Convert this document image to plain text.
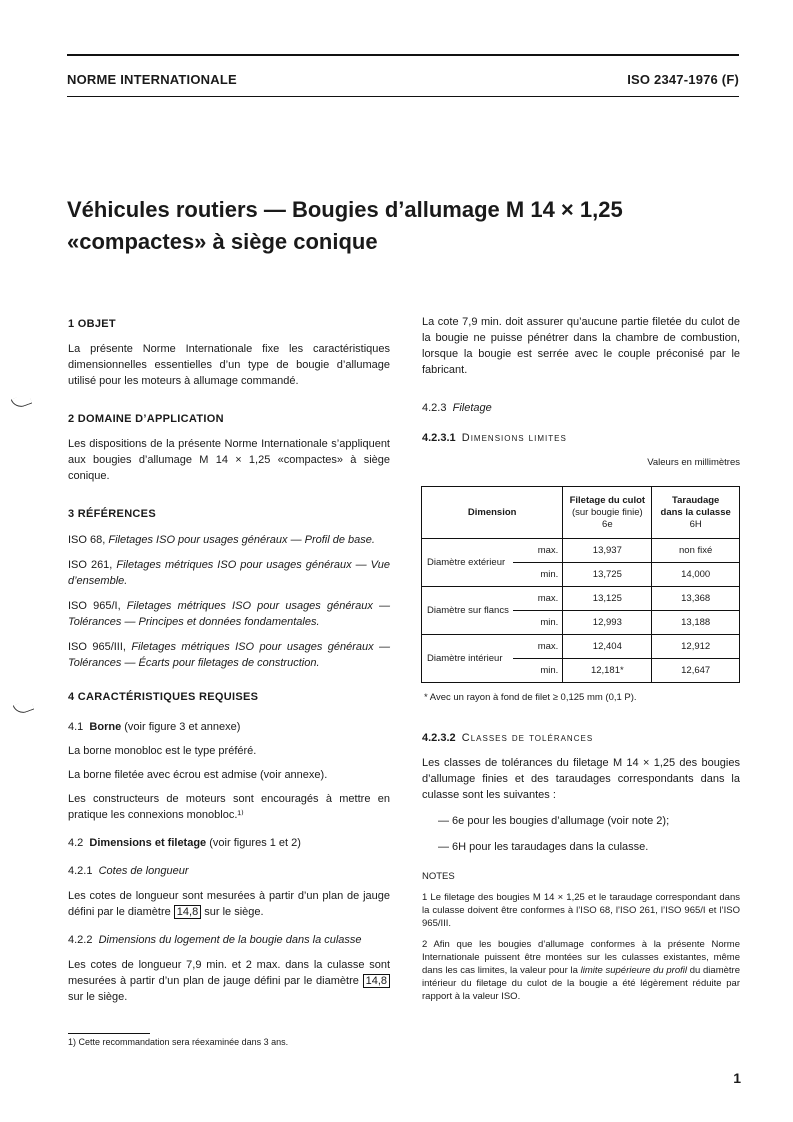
NORME INTERNATIONALE	ISO 2347-1976 (F)
Véhicules routiers — Bougies d’allumage M 14 × 1,25
«compactes» à siège conique
1 OBJET

La présente Norme Internationale fixe les caractéristiques dimensionnelles essentielles d’un type de bougie d’allumage utilisé pour les moteurs à allumage commandé.

2 DOMAINE D’APPLICATION

Les dispositions de la présente Norme Internationale s’appliquent aux bougies d’allumage M 14 × 1,25 «compactes» à siège conique.

3 RÉFÉRENCES

ISO 68, Filetages ISO pour usages généraux — Profil de base.

ISO 261, Filetages métriques ISO pour usages généraux — Vue d’ensemble.

ISO 965/I, Filetages métriques ISO pour usages généraux — Tolérances — Principes et données fondamentales.

ISO 965/III, Filetages métriques ISO pour usages généraux — Tolérances — Écarts pour filetages de construction.

4 CARACTÉRISTIQUES REQUISES

4.1 Borne (voir figure 3 et annexe)

La borne monobloc est le type préféré.

La borne filetée avec écrou est admise (voir annexe).

Les constructeurs de moteurs sont encouragés à mettre en pratique les connexions monobloc.¹⁾

4.2 Dimensions et filetage (voir figures 1 et 2)

4.2.1 Cotes de longueur

Les cotes de longueur sont mesurées à partir d’un plan de jauge défini par le diamètre 14,8 sur le siège.

4.2.2 Dimensions du logement de la bougie dans la culasse

Les cotes de longueur 7,9 min. et 2 max. dans la culasse sont mesurées à partir d’un plan de jauge défini par le diamètre 14,8 sur le siège.

1) Cette recommandation sera réexaminée dans 3 ans.

La cote 7,9 min. doit assurer qu’aucune partie filetée du culot de la bougie ne puisse pénétrer dans la chambre de combustion, lorsque la bougie est serrée avec le couple préconisé par le fabricant.

4.2.3 Filetage

4.2.3.1 Dimensions limites

Valeurs en millimètres

Dimension		Filetage du culot
(sur bougie finie)
6e	Taraudage
dans la culasse
6H
Diamètre extérieur	max.	13,937	non fixé
	min.	13,725	14,000
Diamètre sur flancs	max.	13,125	13,368
	min.	12,993	13,188
Diamètre intérieur	max.	12,404	12,912
	min.	12,181*	12,647

* Avec un rayon à fond de filet ≥ 0,125 mm (0,1 P).

4.2.3.2 Classes de tolérances

Les classes de tolérances du filetage M 14 × 1,25 des bougies d’allumage finies et des taraudages correspondants dans la culasse sont les suivantes :

— 6e pour les bougies d’allumage (voir note 2);

— 6H pour les taraudages dans la culasse.

NOTES

1 Le filetage des bougies M 14 × 1,25 et le taraudage correspondant dans la culasse doivent être conformes à l’ISO 68, l’ISO 261, l’ISO 965/I et l’ISO 965/III.

2 Afin que les bougies d’allumage conformes à la présente Norme Internationale puissent être montées sur les culasses existantes, même dans les cas limites, la valeur pour la limite supérieure du profil du diamètre intérieur du filetage du culot de la bougie a été légèrement réduite par rapport à la valeur ISO.

1
